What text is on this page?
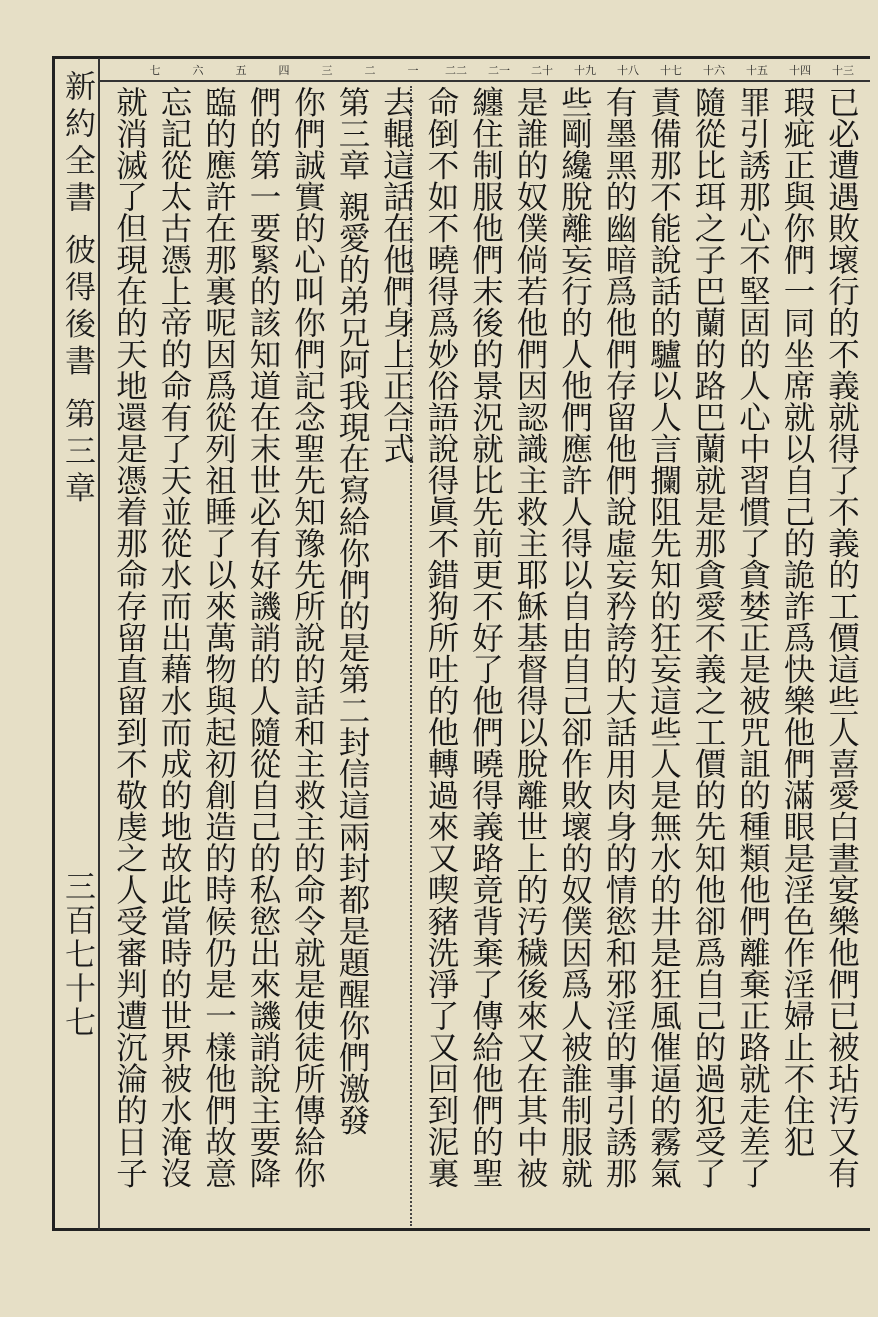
新約全書 彼得後書 第三章
三百七十七
十三
十四
十五
十六
十七
十八
十九
二十
二一
二二
一
二
三
四
五
六
七
已必遭遇敗壞行的不義就得了不義的工價這些人喜愛白晝宴樂他們已被玷汚又有
瑕疵正與你們一同坐席就以自己的詭詐爲快樂他們滿眼是淫色作淫婦止不住犯
罪引誘那心不堅固的人心中習慣了貪婪正是被咒詛的種類他們離棄正路就走差了
隨從比珥之子巴蘭的路巴蘭就是那貪愛不義之工價的先知他卻爲自己的過犯受了
責備那不能說話的驢以人言攔阻先知的狂妄這些人是無水的井是狂風催逼的霧氣
有墨黑的幽暗爲他們存留他們說虛妄矜誇的大話用肉身的情慾和邪淫的事引誘那
些剛纔脫離妄行的人他們應許人得以自由自己卻作敗壞的奴僕因爲人被誰制服就
是誰的奴僕倘若他們因認識主救主耶穌基督得以脫離世上的汚穢後來又在其中被
纏住制服他們末後的景況就比先前更不好了他們曉得義路竟背棄了傳給他們的聖
命倒不如不曉得爲妙俗語說得眞不錯狗所吐的他轉過來又喫豬洗淨了又回到泥裏
去輥這話在他們身上正合式
第三章 親愛的弟兄阿我現在寫給你們的是第二封信這兩封都是題醒你們激發
你們誠實的心叫你們記念聖先知豫先所說的話和主救主的命令就是使徒所傳給你
們的第一要緊的該知道在末世必有好譏誚的人隨從自己的私慾出來譏誚說主要降
臨的應許在那裏呢因爲從列祖睡了以來萬物與起初創造的時候仍是一樣他們故意
忘記從太古憑上帝的命有了天並從水而出藉水而成的地故此當時的世界被水淹沒
就消滅了但現在的天地還是憑着那命存留直留到不敬虔之人受審判遭沉淪的日子
